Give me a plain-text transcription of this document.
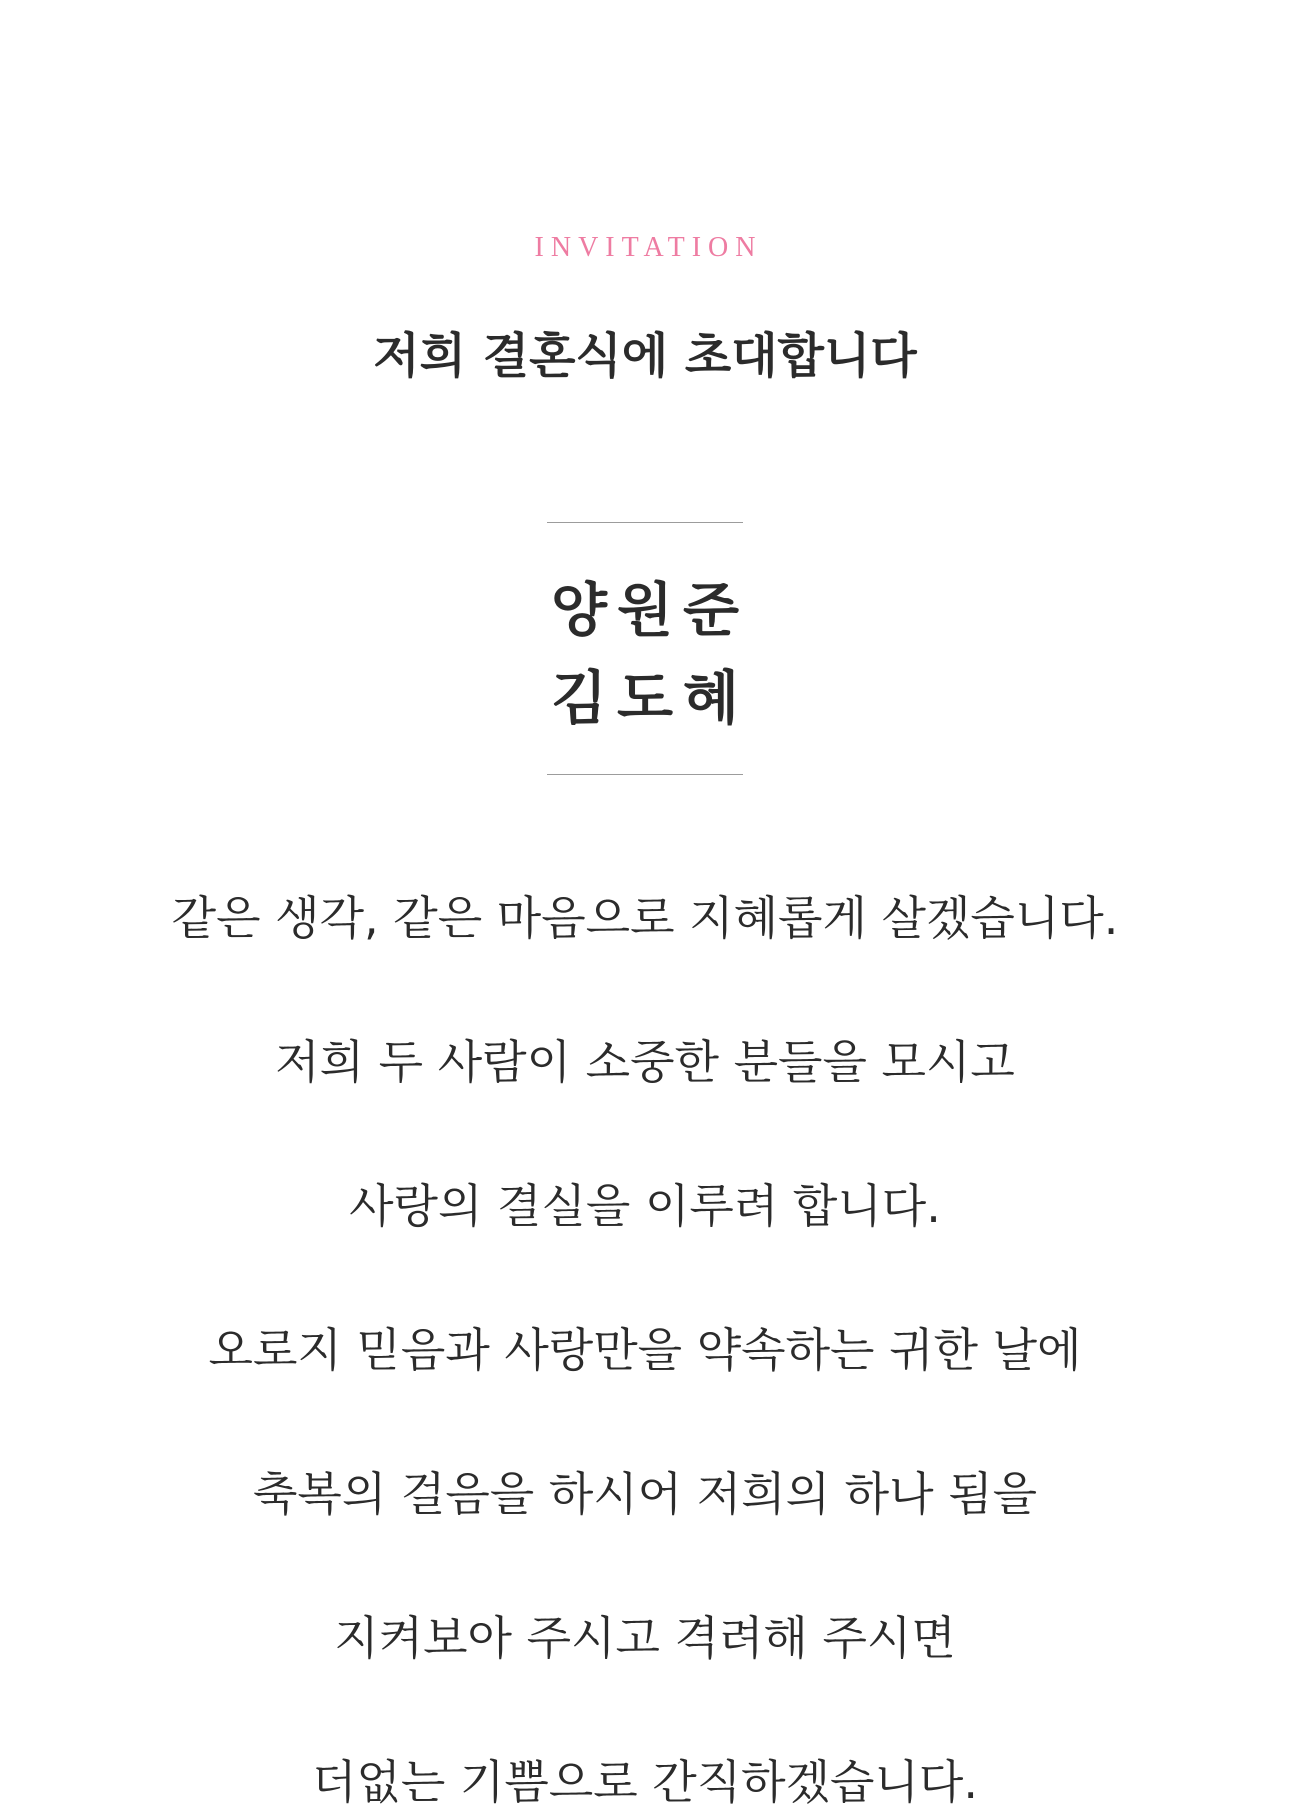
INVITATION
저희 결혼식에 초대합니다
양원준
김도혜
같은 생각, 같은 마음으로 지혜롭게 살겠습니다.
저희 두 사람이 소중한 분들을 모시고
사랑의 결실을 이루려 합니다.
오로지 믿음과 사랑만을 약속하는 귀한 날에
축복의 걸음을 하시어 저희의 하나 됨을
지켜보아 주시고 격려해 주시면
더없는 기쁨으로 간직하겠습니다.
